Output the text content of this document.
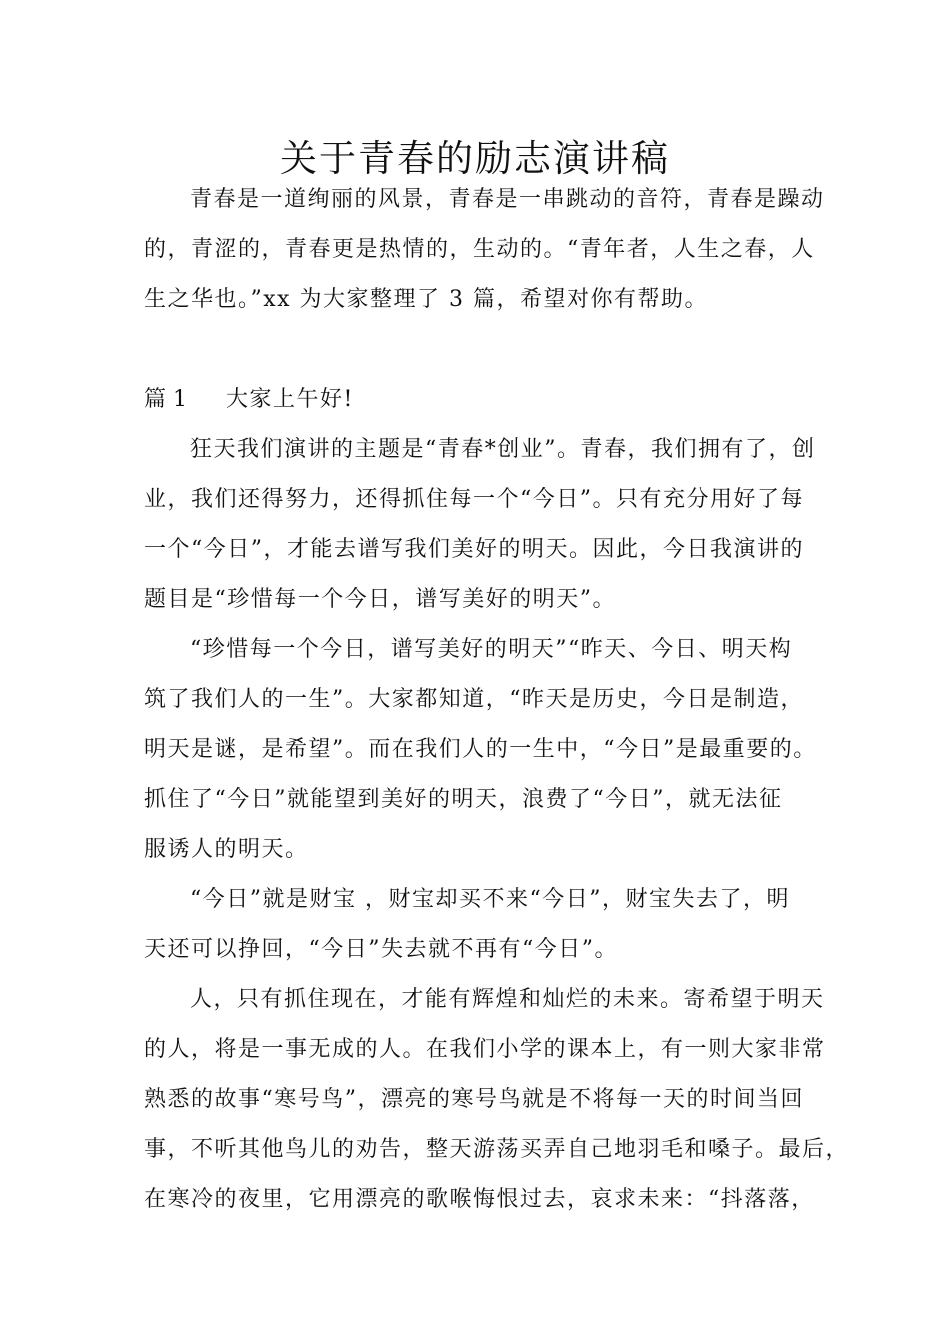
关于青春的励志演讲稿
青春是一道绚丽的风景，青春是一串跳动的音符，青春是躁动
的，青涩的，青春更是热情的，生动的。“青年者，人生之春，人
生之华也。”xx 为大家整理了 3 篇，希望对你有帮助。
篇 1 大家上午好!
狂天我们演讲的主题是“青春*创业”。青春，我们拥有了，创
业，我们还得努力，还得抓住每一个“今日”。只有充分用好了每
一个“今日”，才能去谱写我们美好的明天。因此，今日我演讲的
题目是“珍惜每一个今日，谱写美好的明天”。
“珍惜每一个今日，谱写美好的明天”“昨天、今日、明天构
筑了我们人的一生”。大家都知道，“昨天是历史，今日是制造，
明天是谜，是希望”。而在我们人的一生中，“今日”是最重要的。
抓住了“今日”就能望到美好的明天，浪费了“今日”，就无法征
服诱人的明天。
“今日”就是财宝 ，财宝却买不来“今日”，财宝失去了，明
天还可以挣回，“今日”失去就不再有“今日”。
人，只有抓住现在，才能有辉煌和灿烂的未来。寄希望于明天
的人，将是一事无成的人。在我们小学的课本上，有一则大家非常
熟悉的故事“寒号鸟”，漂亮的寒号鸟就是不将每一天的时间当回
事，不听其他鸟儿的劝告，整天游荡买弄自己地羽毛和嗓子。最后，
在寒冷的夜里，它用漂亮的歌喉悔恨过去，哀求未来：“抖落落，
